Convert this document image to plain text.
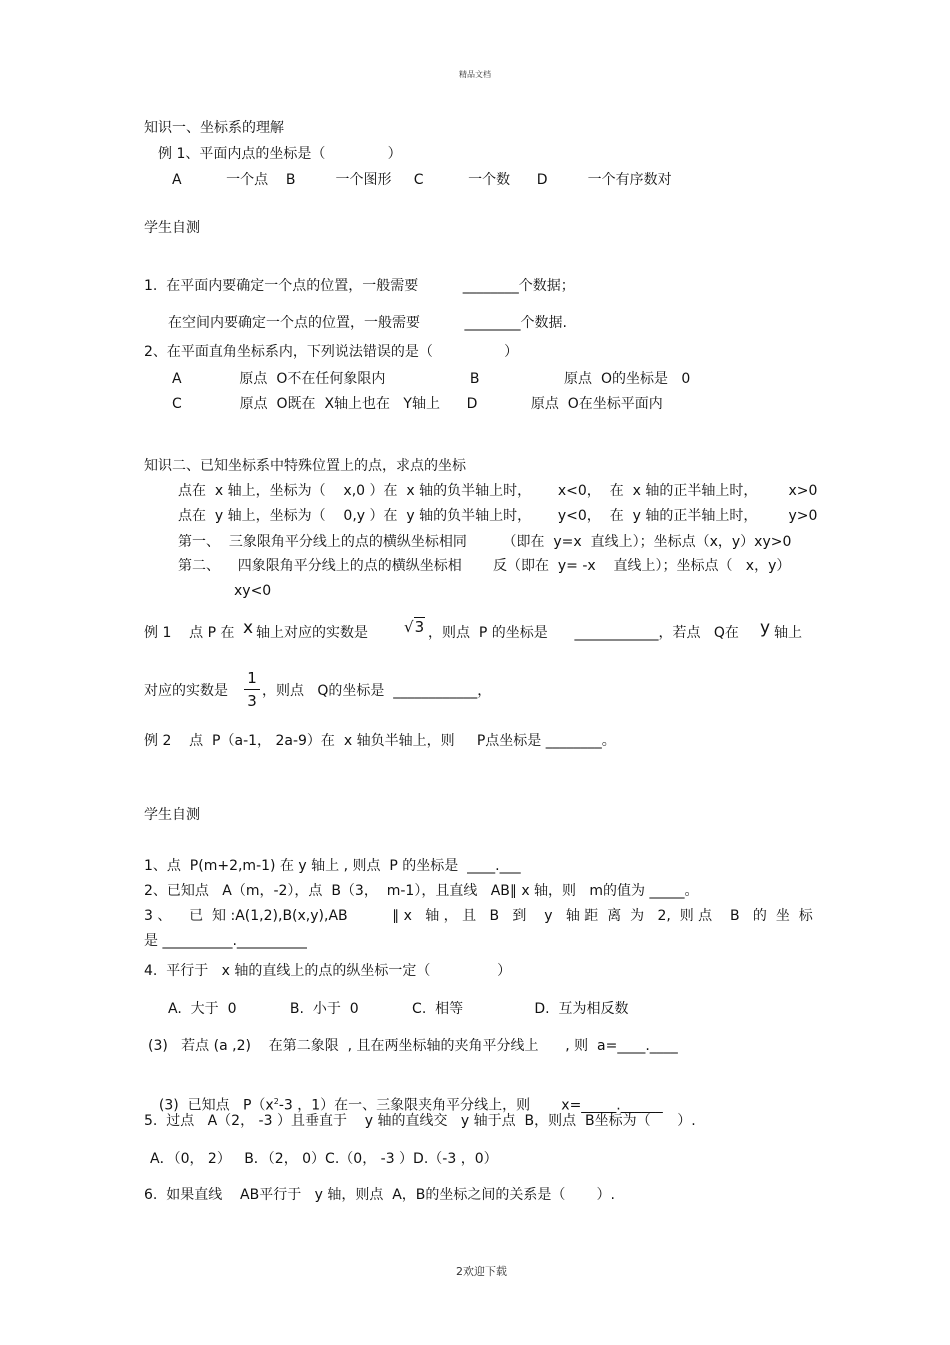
精品文档
知识一、坐标系的理解
例 1、平面内点的坐标是（              ）
A          一个点    B         一个图形     C          一个数      D         一个有序数对
学生自测
1.  在平面内要确定一个点的位置，一般需要          ________个数据；
在空间内要确定一个点的位置，一般需要          ________个数据.
2、在平面直角坐标系内，下列说法错误的是（                ）
A             原点  O不在任何象限内                   B                   原点  O的坐标是   0
C             原点  O既在  X轴上也在   Y轴上      D            原点  O在坐标平面内
知识二、已知坐标系中特殊位置上的点，求点的坐标
点在  x 轴上，坐标为（    x,0 ）在  x 轴的负半轴上时，      x<0，  在  x 轴的正半轴上时，       x>0
点在  y 轴上，坐标为（    0,y ）在  y 轴的负半轴上时，      y<0，  在  y 轴的正半轴上时，       y>0
第一、  三象限角平分线上的点的横纵坐标相同        （即在  y=x  直线上）；坐标点（x，y）xy>0
第二、    四象限角平分线上的点的横纵坐标相       反（即在  y= -x    直线上）；坐标点（   x，y）
xy<0
例 1    点 P 在 x 轴上对应的实数是 √3 ，则点  P 的坐标是      ____________，若点   Q在 y 轴上
对应的实数是
1
3
，则点   Q的坐标是  ____________，
例 2    点  P（a-1， 2a-9）在  x 轴负半轴上，则     P点坐标是 ________。
学生自测
1、点  P(m+2,m-1) 在 y 轴上 , 则点  P 的坐标是  ____.___
2、已知点   A（m，-2），点  B（3，  m-1），且直线   AB∥ x 轴，则   m的值为 _____。
3 、    已  知 :A(1,2),B(x,y),AB          ∥ x   轴 ， 且   B   到    y   轴 距  离  为   2,  则 点    B   的  坐  标
是 __________.__________
4.  平行于   x 轴的直线上的点的纵坐标一定（               ）
A.  大于  0            B.  小于  0            C.  相等                D.  互为相反数
(3)   若点 (a ,2)    在第二象限  , 且在两坐标轴的夹角平分线上      , 则  a=____.____

(3)  已知点   $P(x^2-3$ ，1）在一、三象限夹角平分线上，则       x=_____.______

5.  过点   A（2， -3 ）且垂直于    y 轴的直线交   y 轴于点  B，则点  B坐标为（      ）.
A．（0， 2）   B．（2， 0）C.（0， -3 ）D.（-3 ，0）
6.  如果直线    AB平行于   y 轴，则点  A，B的坐标之间的关系是（       ）.
2欢迎下载
